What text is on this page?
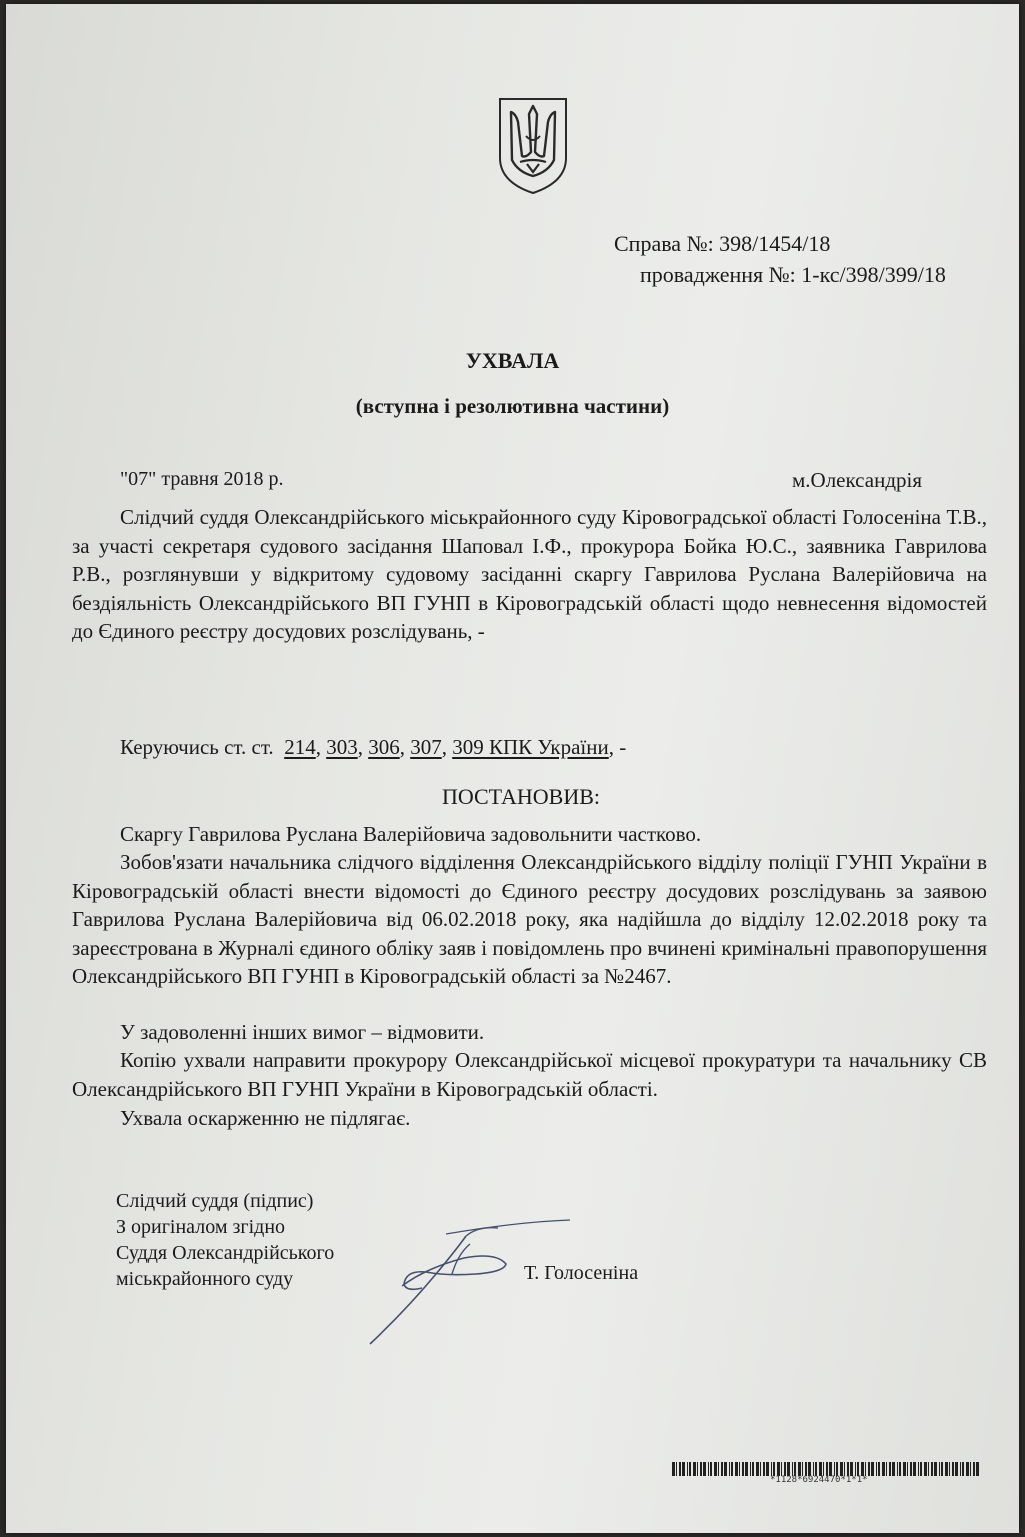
Справа №: 398/1454/18
провадження №: 1-кс/398/399/18
УХВАЛА
(вступна і резолютивна частини)
"07" травня 2018 р.	м.Олександрія
Слідчий суддя Олександрійського міськрайонного суду Кіровоградської області Голосеніна Т.В., за участі секретаря судового засідання Шаповал І.Ф., прокурора Бойка Ю.С., заявника Гаврилова Р.В., розглянувши у відкритому судовому засіданні скаргу Гаврилова Руслана Валерійовича на бездіяльність Олександрійського ВП ГУНП в Кіровоградській області щодо невнесення відомостей до Єдиного реєстру досудових розслідувань, -
Керуючись ст. ст. 214, 303, 306, 307, 309 КПК України, -
ПОСТАНОВИВ:
Скаргу Гаврилова Руслана Валерійовича задовольнити частково.
Зобов'язати начальника слідчого відділення Олександрійського відділу поліції ГУНП України в Кіровоградській області внести відомості до Єдиного реєстру досудових розслідувань за заявою Гаврилова Руслана Валерійовича від 06.02.2018 року, яка надійшла до відділу 12.02.2018 року та зареєстрована в Журналі єдиного обліку заяв і повідомлень про вчинені кримінальні правопорушення Олександрійського ВП ГУНП в Кіровоградській області за №2467.
У задоволенні інших вимог – відмовити.
Копію ухвали направити прокурору Олександрійської місцевої прокуратури та начальнику СВ Олександрійського ВП ГУНП України в Кіровоградській області.
Ухвала оскарженню не підлягає.
Слідчий суддя (підпис)
З оригіналом згідно
Суддя Олександрійського
міськрайонного суду	Т. Голосеніна
*1128*6924470*1*1*
